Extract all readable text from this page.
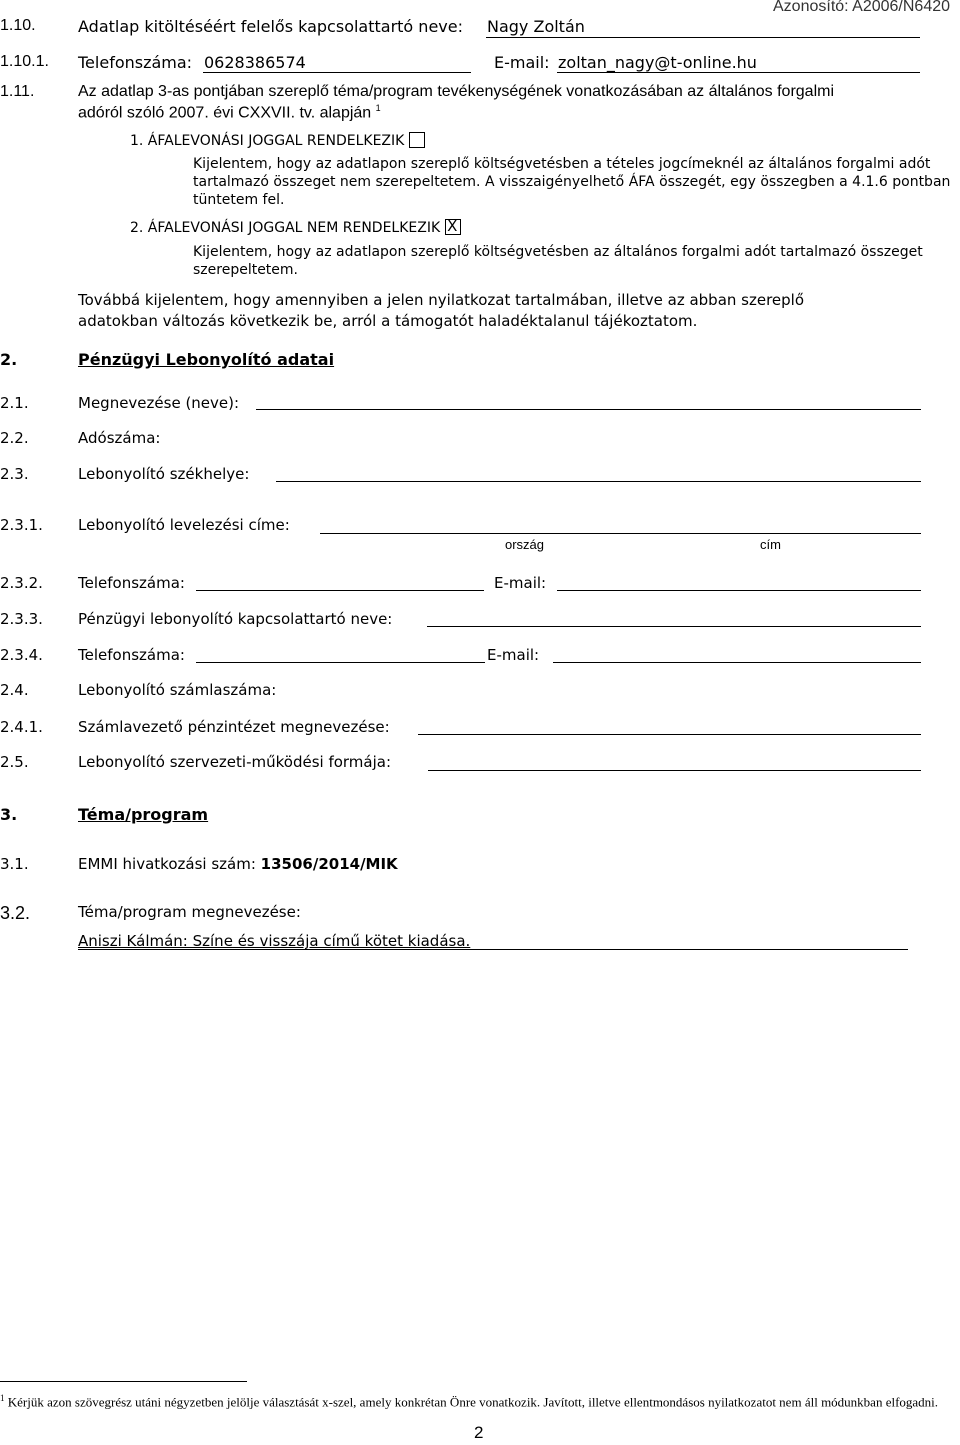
Azonosító: A2006/N6420
1.10.	Adatlap kitöltéséért felelős kapcsolattartó neve: Nagy Zoltán
1.10.1. Telefonszáma: 0628386574	E-mail: zoltan_nagy@t-online.hu
1.11.	Az adatlap 3-as pontjában szereplő téma/program tevékenységének vonatkozásában az általános forgalmi
adóról szóló 2007. évi CXXVII. tv. alapján $^1$
1. ÁFALEVONÁSI JOGGAL RENDELKEZIK
Kijelentem, hogy az adatlapon szereplő költségvetésben a tételes jogcímeknél az általános forgalmi adót tartalmazó összeget nem szerepeltetem. A visszaigényelhető ÁFA összegét, egy összegben a 4.1.6 pontban tüntetem fel.
2. ÁFALEVONÁSI JOGGAL NEM RENDELKEZIK X
Kijelentem, hogy az adatlapon szereplő költségvetésben az általános forgalmi adót tartalmazó összeget szerepeltetem.
Továbbá kijelentem, hogy amennyiben a jelen nyilatkozat tartalmában, illetve az abban szereplő adatokban változás következik be, arról a támogatót haladéktalanul tájékoztatom.
2.	Pénzügyi Lebonyolító adatai
2.1.	Megnevezése (neve):
2.2.	Adószáma:
2.3.	Lebonyolító székhelye:
2.3.1. Lebonyolító levelezési címe:
ország	cím
2.3.2. Telefonszáma:	E-mail:
2.3.3. Pénzügyi lebonyolító kapcsolattartó neve:
2.3.4. Telefonszáma:	E-mail:
2.4.	Lebonyolító számlaszáma:
2.4.1. Számlavezető pénzintézet megnevezése:
2.5.	Lebonyolító szervezeti-működési formája:
3.	Téma/program
3.1.	EMMI hivatkozási szám: 13506/2014/MIK
3.2.	Téma/program megnevezése:
Aniszi Kálmán: Színe és visszája című kötet kiadása.
$^1$ Kérjük azon szövegrész utáni négyzetben jelölje választását x-szel, amely konkrétan Önre vonatkozik. Javított, illetve ellentmondásos nyilatkozatot nem áll módunkban elfogadni.
2
